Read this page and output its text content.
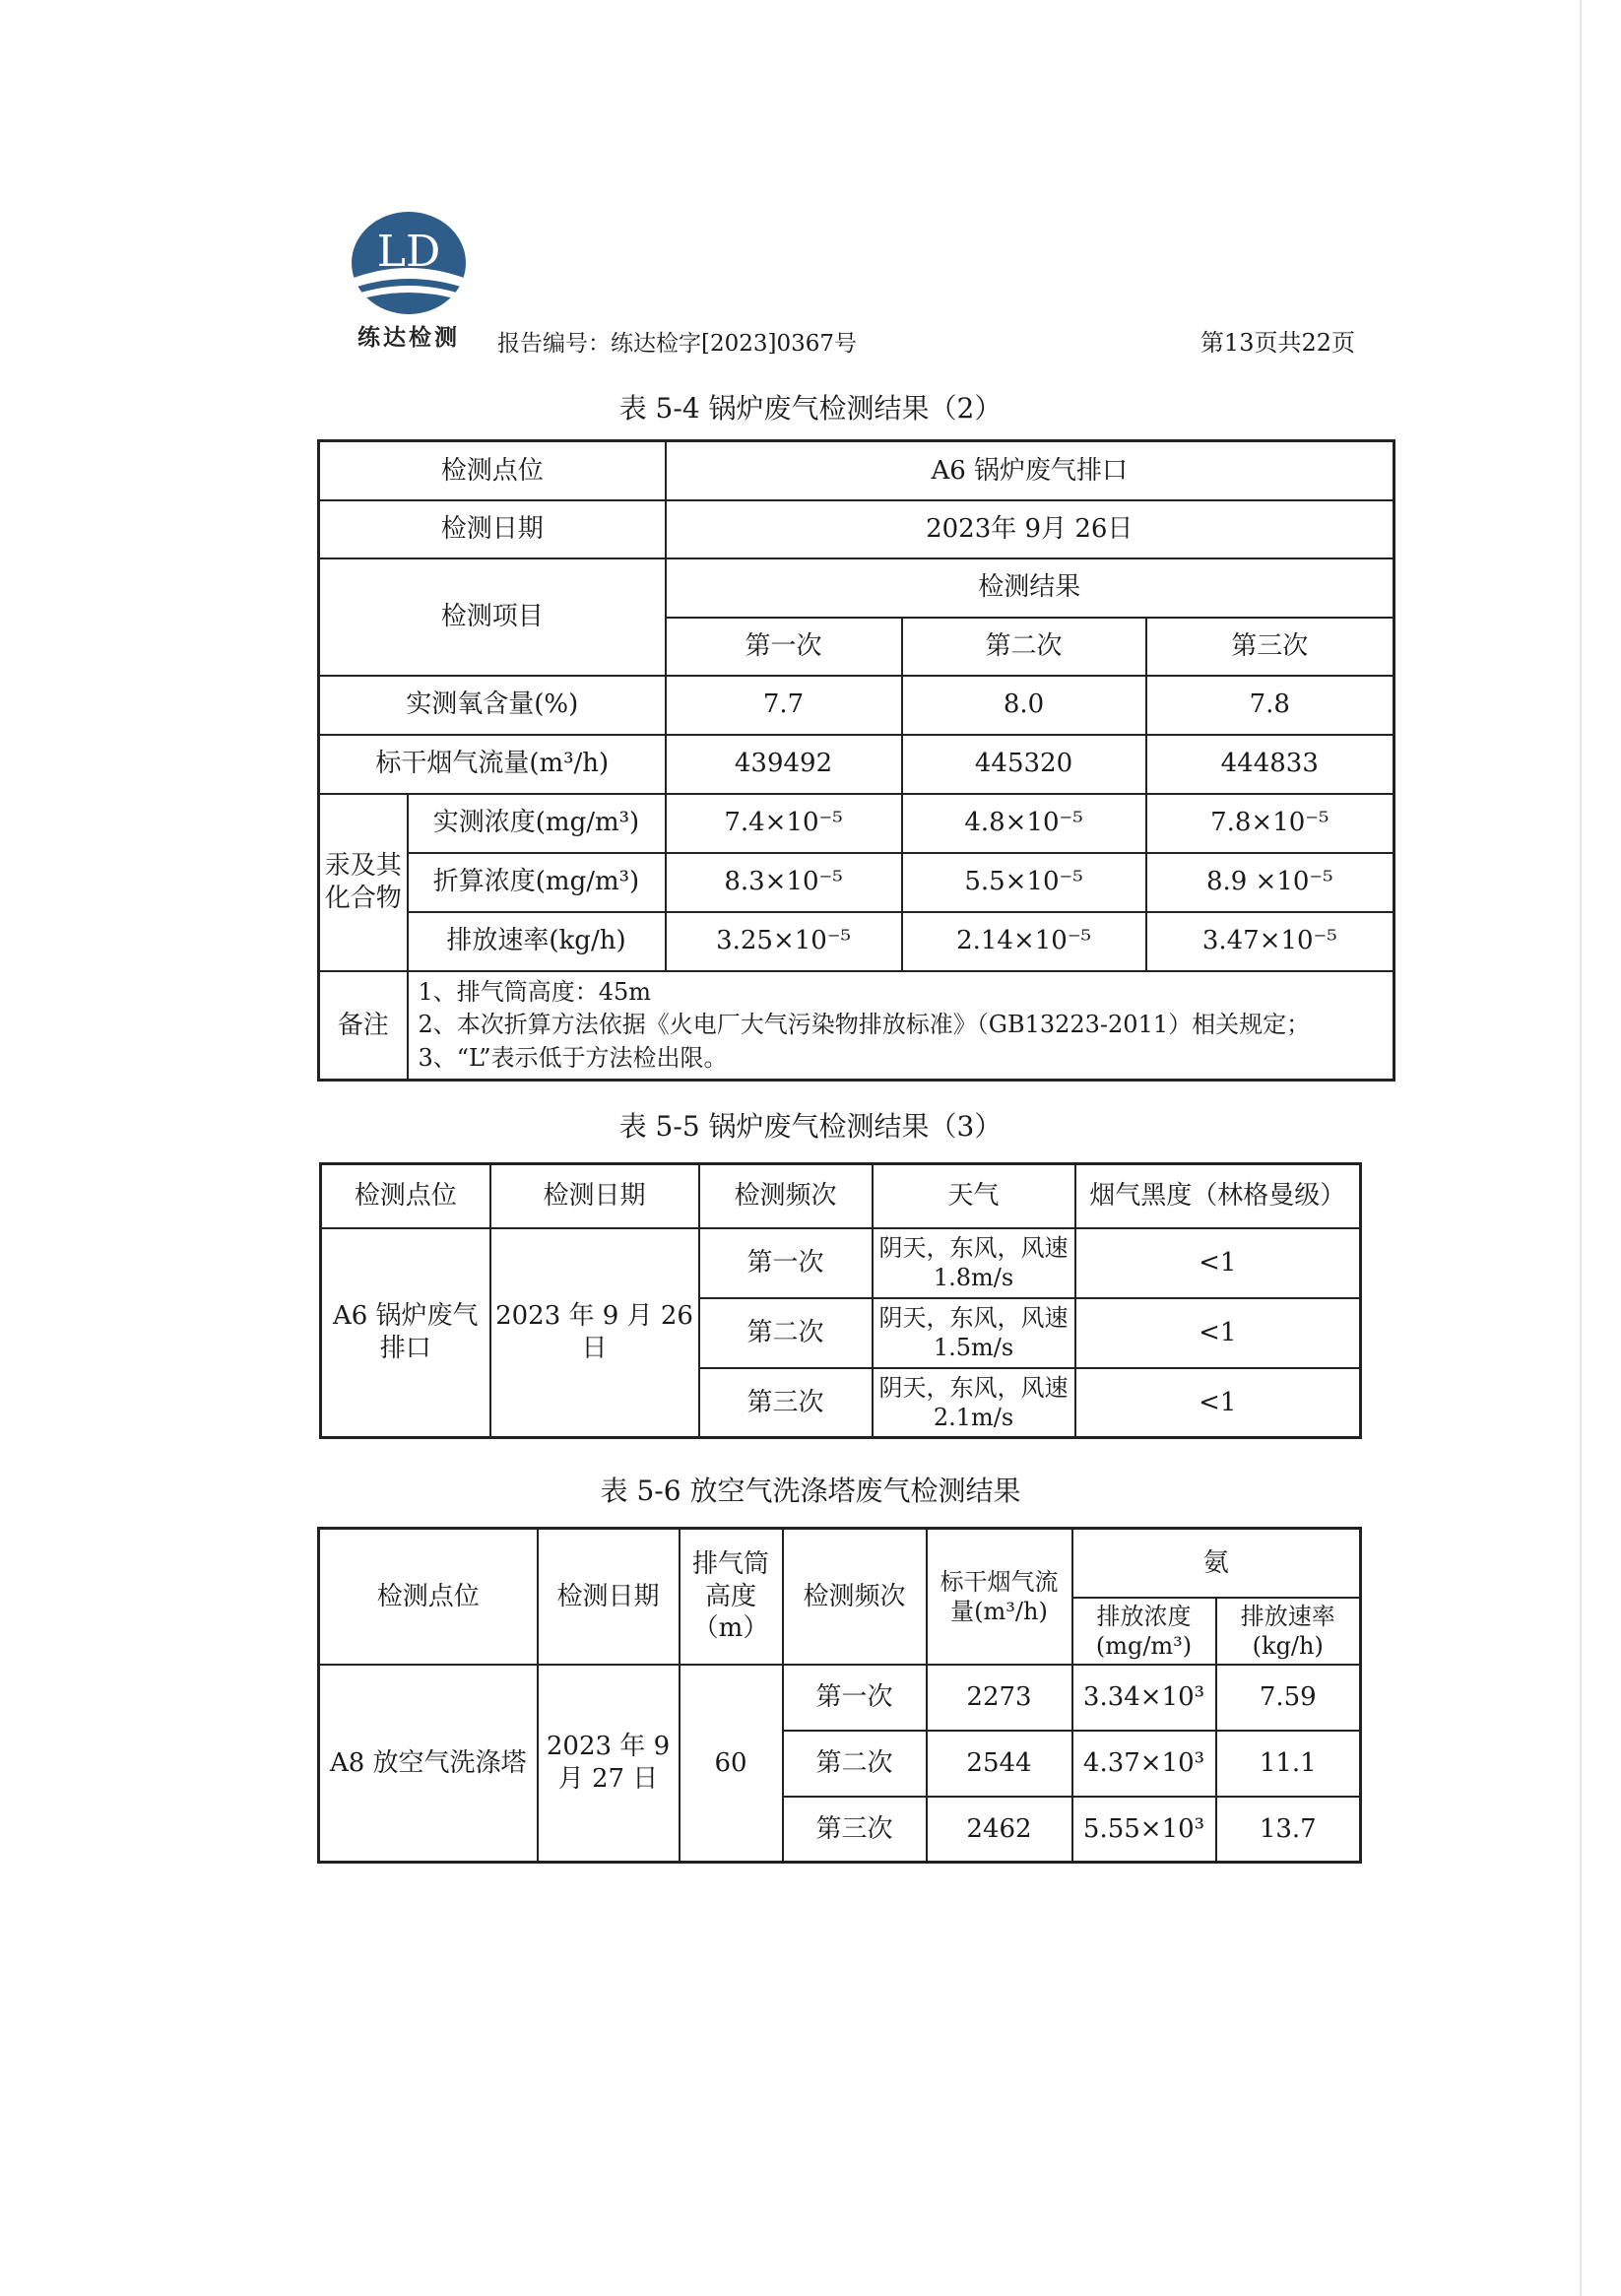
LD
练达检测	报告编号：练达检字[2023]0367号	第13页共22页
表 5-4 锅炉废气检测结果（2）
检测点位		A6 锅炉废气排口		
检测日期		2023年 9月 26日		
检测项目		检测结果		
		第一次	第二次	第三次
实测氧含量(%)		7.7	8.0	7.8
标干烟气流量(m³/h)		439492	445320	444833
汞及其化合物	实测浓度(mg/m³)	7.4×10⁻⁵	4.8×10⁻⁵	7.8×10⁻⁵
	折算浓度(mg/m³)	8.3×10⁻⁵	5.5×10⁻⁵	8.9 ×10⁻⁵
	排放速率(kg/h)	3.25×10⁻⁵	2.14×10⁻⁵	3.47×10⁻⁵
备注	1、排气筒高度：45m
2、本次折算方法依据《火电厂大气污染物排放标准》（GB13223-2011）相关规定；
3、“L”表示低于方法检出限。			
表 5-5 锅炉废气检测结果（3）
检测点位	检测日期	检测频次	天气	烟气黑度（林格曼级）
A6 锅炉废气排口	2023 年 9 月 26 日	第一次	阴天，东风，风速 1.8m/s	<1
		第二次	阴天，东风，风速 1.5m/s	<1
		第三次	阴天，东风，风速 2.1m/s	<1
表 5-6 放空气洗涤塔废气检测结果
检测点位	检测日期	排气筒高度（m）	检测频次	标干烟气流量(m³/h)	氨	
					排放浓度(mg/m³)	排放速率(kg/h)
A8 放空气洗涤塔	2023 年 9 月 27 日	60	第一次	2273	3.34×10³	7.59
			第二次	2544	4.37×10³	11.1
			第三次	2462	5.55×10³	13.7
